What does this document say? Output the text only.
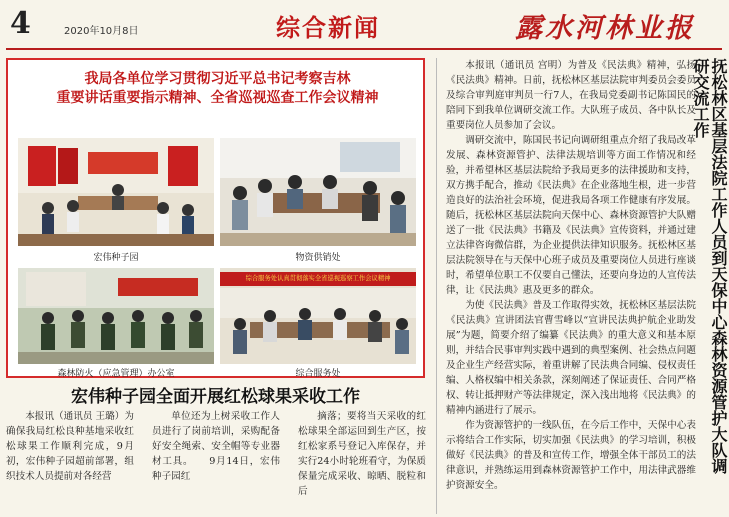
4	2020年10月8日	综合新闻	露水河林业报
我局各单位学习贯彻习近平总书记考察吉林
重要讲话重要指示精神、全省巡视巡查工作会议精神
宏伟种子园	物资供销处
森林防火（应急管理）办公室
综合服务处认真贯彻落实全省巡视巡察工作会议精神
综合服务处
宏伟种子园全面开展红松球果采收工作

本报讯（通讯员 王璐）为确保我局红松良种基地采收红松球果工作顺利完成，9月初，宏伟种子园超前部署，组织技术人员提前对各经营

单位还为上树采收工作人员进行了岗前培训，采购配备好安全绳索、安全帽等专业器材工具。　　9月14日，宏伟种子园红

摘落；要将当天采收的红松球果全部运回到生产区，按红松家系号登记入库保存，并实行24小时轮班看守，为保质保量完成采收、晾晒、脱粒和后

本报讯（通讯员 宫明）为普及《民法典》精神，弘扬《民法典》精神。日前，抚松林区基层法院审判委员会委员及综合审判庭审判员一行7人，在我局党委副书记陈国民的陪同下到我单位调研交流工作。大队班子成员、各中队长及重要岗位人员参加了会议。

调研交流中，陈国民书记向调研组重点介绍了我局改革发展、森林资源管护、法律法规培训等方面工作情况和经验，并希望林区基层法院给予我局更多的法律援助和支持，双方携手配合，推动《民法典》在企业落地生根，进一步营造良好的法治社会环境，促进我局各项工作健康有序发展。随后，抚松林区基层法院向天保中心、森林资源管护大队赠送了一批《民法典》书籍及《民法典》宣传资料，并通过建立法律咨询微信群，为企业提供法律知识服务。抚松林区基层法院领导在与天保中心班子成员及重要岗位人员进行座谈时，希望单位职工不仅要自己懂法，还要向身边的人宣传法律，让《民法典》惠及更多的群众。

为使《民法典》普及工作取得实效，抚松林区基层法院《民法典》宣讲团法官曹雪峰以“宣讲民法典护航企业助发展”为题，简要介绍了编纂《民法典》的重大意义和基本原则，并结合民事审判实践中遇到的典型案例、社会热点问题及企业生产经营实际，着重讲解了民法典合同编、侵权责任编、人格权编中相关条款，深刻阐述了保证责任、合同严格权、转让抵押财产等法律规定，深入浅出地将《民法典》的精神内涵进行了展示。

作为资源管护的一线队伍，在今后工作中，天保中心表示将结合工作实际，切实加强《民法典》的学习培训，积极做好《民法典》的普及和宣传工作，增强全体干部员工的法律意识，并熟练运用到森林资源管护工作中，用法律武器维护资源安全。

抚松林区基层法院工作人员到天保中心森林资源管护大队调研交流工作
